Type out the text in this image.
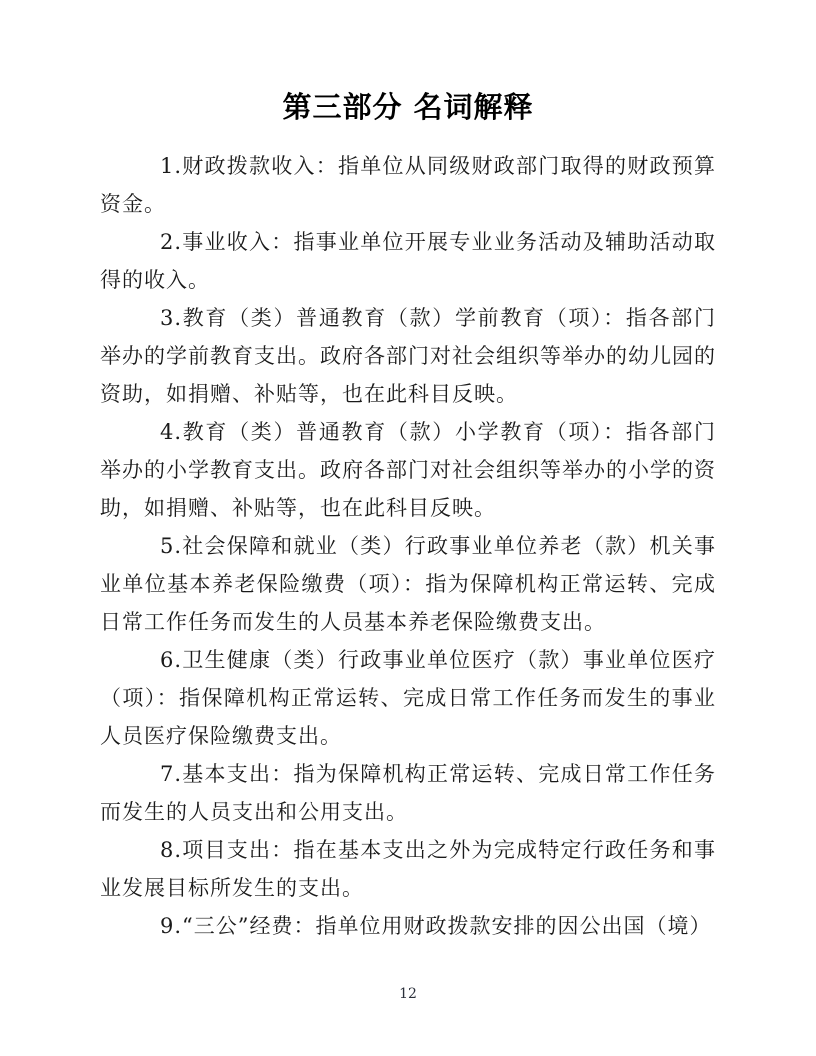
第三部分 名词解释

1.财政拨款收入：指单位从同级财政部门取得的财政预算资金。

2.事业收入：指事业单位开展专业业务活动及辅助活动取得的收入。

3.教育（类）普通教育（款）学前教育（项）：指各部门举办的学前教育支出。政府各部门对社会组织等举办的幼儿园的资助，如捐赠、补贴等，也在此科目反映。

4.教育（类）普通教育（款）小学教育（项）：指各部门举办的小学教育支出。政府各部门对社会组织等举办的小学的资助，如捐赠、补贴等，也在此科目反映。

5.社会保障和就业（类）行政事业单位养老（款）机关事业单位基本养老保险缴费（项）：指为保障机构正常运转、完成日常工作任务而发生的人员基本养老保险缴费支出。

6.卫生健康（类）行政事业单位医疗（款）事业单位医疗（项）：指保障机构正常运转、完成日常工作任务而发生的事业人员医疗保险缴费支出。

7.基本支出：指为保障机构正常运转、完成日常工作任务而发生的人员支出和公用支出。

8.项目支出：指在基本支出之外为完成特定行政任务和事业发展目标所发生的支出。

9.“三公”经费：指单位用财政拨款安排的因公出国（境）

12
